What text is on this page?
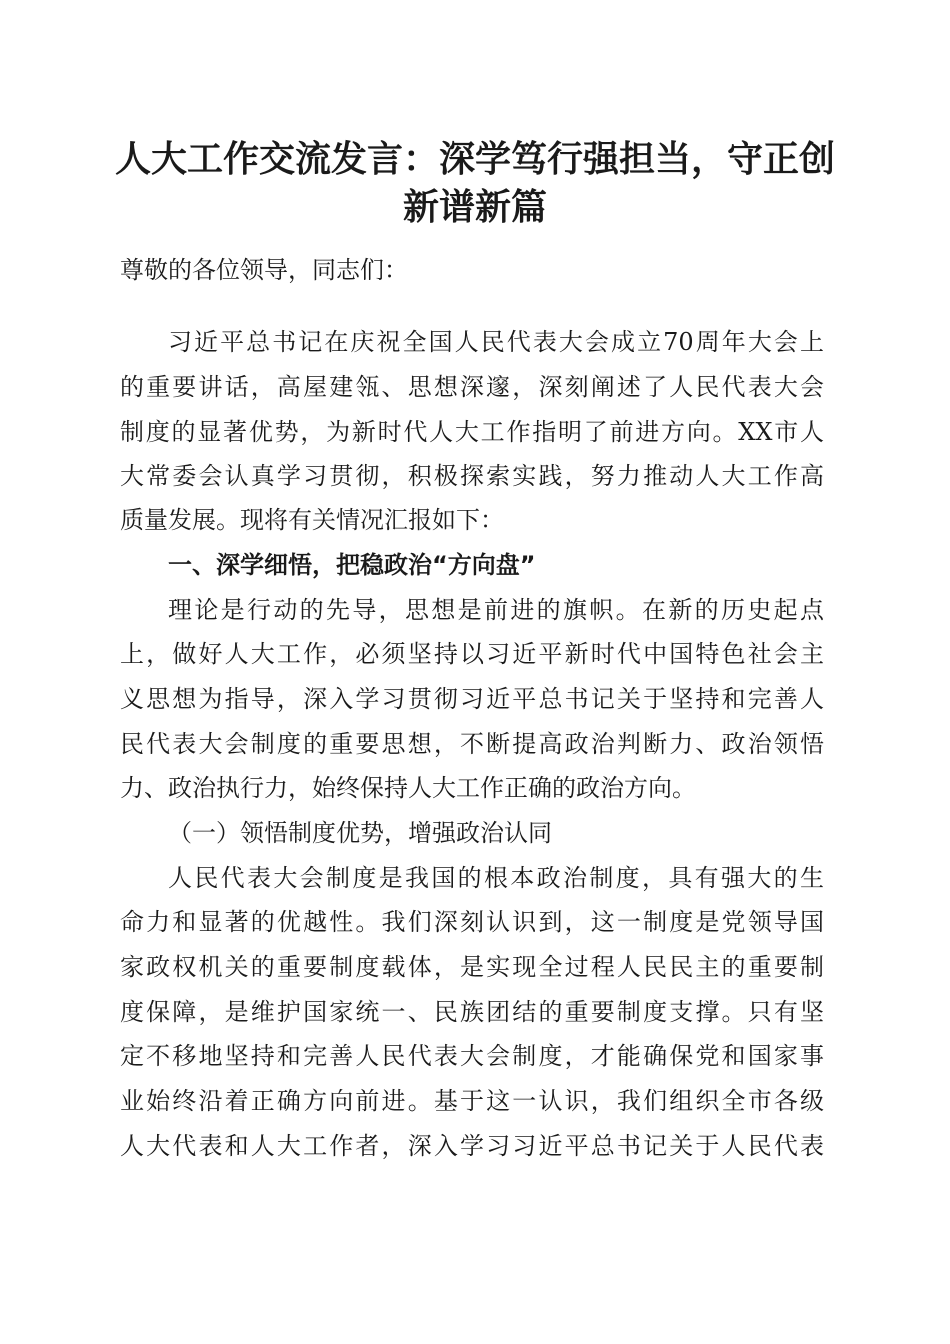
人大工作交流发言：深学笃行强担当，守正创
新谱新篇
尊敬的各位领导，同志们：
习近平总书记在庆祝全国人民代表大会成立70周年大会上
的重要讲话，高屋建瓴、思想深邃，深刻阐述了人民代表大会
制度的显著优势，为新时代人大工作指明了前进方向。XX市人
大常委会认真学习贯彻，积极探索实践，努力推动人大工作高
质量发展。现将有关情况汇报如下：
一、深学细悟，把稳政治“方向盘”
理论是行动的先导，思想是前进的旗帜。在新的历史起点
上，做好人大工作，必须坚持以习近平新时代中国特色社会主
义思想为指导，深入学习贯彻习近平总书记关于坚持和完善人
民代表大会制度的重要思想，不断提高政治判断力、政治领悟
力、政治执行力，始终保持人大工作正确的政治方向。
（一）领悟制度优势，增强政治认同
人民代表大会制度是我国的根本政治制度，具有强大的生
命力和显著的优越性。我们深刻认识到，这一制度是党领导国
家政权机关的重要制度载体，是实现全过程人民民主的重要制
度保障，是维护国家统一、民族团结的重要制度支撑。只有坚
定不移地坚持和完善人民代表大会制度，才能确保党和国家事
业始终沿着正确方向前进。基于这一认识，我们组织全市各级
人大代表和人大工作者，深入学习习近平总书记关于人民代表
